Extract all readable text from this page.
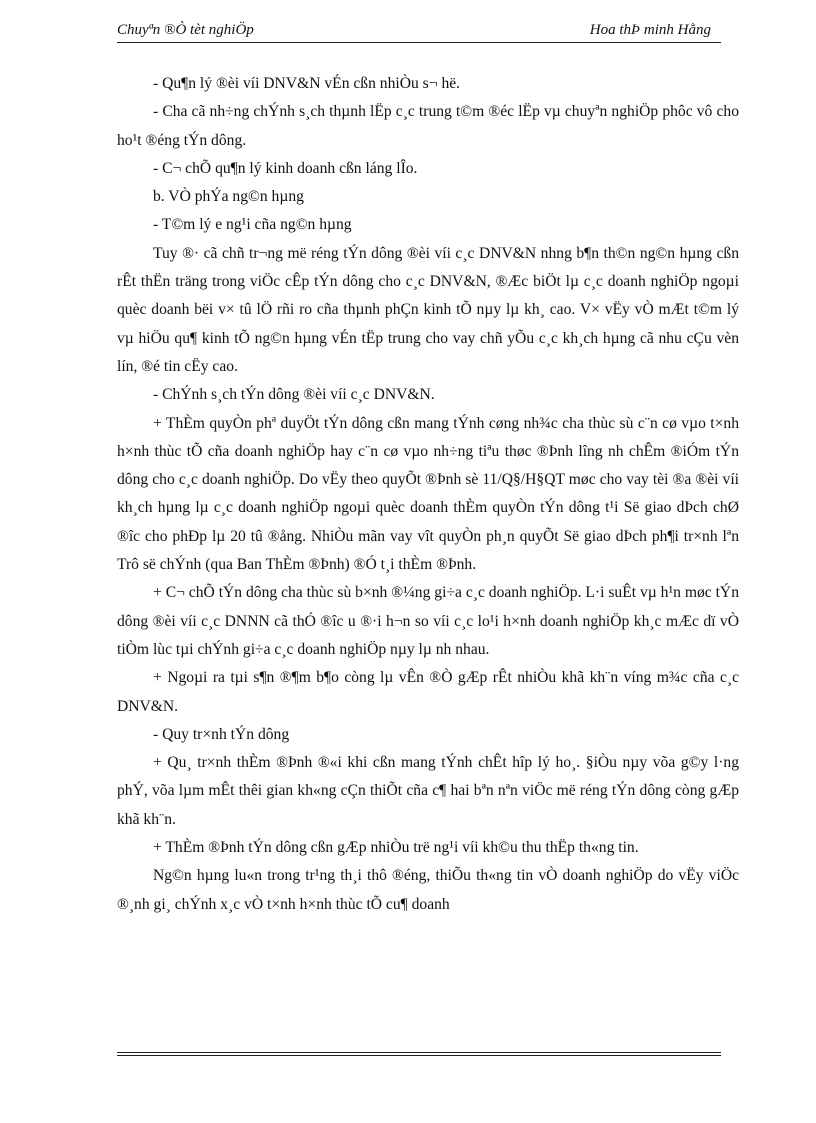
Chuyªn ®Ò tèt nghiÖp	Hoa thÞ minh Hằng

- Qu¶n lý ®èi víi DNV&N vÉn cßn nhiÒu s¬ hë.

- Cha cã nh÷ng chÝnh s¸ch thµnh lËp c¸c trung t©m ®éc lËp vµ chuyªn nghiÖp phôc vô cho ho¹t ®éng tÝn dông.

- C¬ chÕ qu¶n lý kinh doanh cßn láng lÎo.

b. VÒ phÝa ng©n hµng

- T©m lý e ng¹i cña ng©n hµng

Tuy ®· cã chñ tr¬ng më réng tÝn dông ®èi víi c¸c DNV&N nhng b¶n th©n ng©n hµng cßn rÊt thËn träng trong viÖc cÊp tÝn dông cho c¸c DNV&N, ®Æc biÖt lµ c¸c doanh nghiÖp ngoµi quèc doanh bëi v× tû lÖ rñi ro cña thµnh phÇn kinh tÕ nµy lµ kh¸ cao. V× vËy vÒ mÆt t©m lý vµ hiÖu qu¶ kinh tÕ ng©n hµng vÉn tËp trung cho vay chñ yÕu c¸c kh¸ch hµng cã nhu cÇu vèn lín, ®é tin cËy cao.

- ChÝnh s¸ch tÝn dông ®èi víi c¸c DNV&N.

+ ThÈm quyÒn phª duyÖt tÝn dông cßn mang tÝnh cøng nh¾c cha thùc sù c¨n cø vµo t×nh h×nh thùc tÕ cña doanh nghiÖp hay c¨n cø vµo nh÷ng tiªu thøc ®Þnh lîng nh chÊm ®iÓm tÝn dông cho c¸c doanh nghiÖp. Do vËy theo quyÕt ®Þnh sè 11/Q§/H§QT møc cho vay tèi ®a ®èi víi kh¸ch hµng lµ c¸c doanh nghiÖp ngoµi quèc doanh thÈm quyÒn tÝn dông t¹i Së giao dÞch chØ ®îc cho phÐp lµ 20 tû ®ång. NhiÒu mãn vay vît quyÒn ph¸n quyÕt Së giao dÞch ph¶i tr×nh lªn Trô së chÝnh (qua Ban ThÈm ®Þnh) ®Ó t¸i thÈm ®Þnh.

+ C¬ chÕ tÝn dông cha thùc sù b×nh ®¼ng gi÷a c¸c doanh nghiÖp. L·i suÊt vµ h¹n møc tÝn dông ®èi víi c¸c DNNN cã thÓ ®îc u ®·i h¬n so víi c¸c lo¹i h×nh doanh nghiÖp kh¸c mÆc dï vÒ tiÒm lùc tµi chÝnh gi÷a c¸c doanh nghiÖp nµy lµ nh nhau.

+ Ngoµi ra tµi s¶n ®¶m b¶o còng lµ vÊn ®Ò gÆp rÊt nhiÒu khã kh¨n víng m¾c cña c¸c DNV&N.

- Quy tr×nh tÝn dông

+ Qu¸ tr×nh thÈm ®Þnh ®«i khi cßn mang tÝnh chÊt hîp lý ho¸. §iÒu nµy võa g©y l·ng phÝ, võa lµm mÊt thêi gian kh«ng cÇn thiÕt cña c¶ hai bªn nªn viÖc më réng tÝn dông còng gÆp khã kh¨n.

+ ThÈm ®Þnh tÝn dông cßn gÆp nhiÒu trë ng¹i víi kh©u thu thËp th«ng tin.

Ng©n hµng lu«n trong tr¹ng th¸i thô ®éng, thiÕu th«ng tin vÒ doanh nghiÖp do vËy viÖc ®¸nh gi¸ chÝnh x¸c vÒ t×nh h×nh thùc tÕ cu¶ doanh
